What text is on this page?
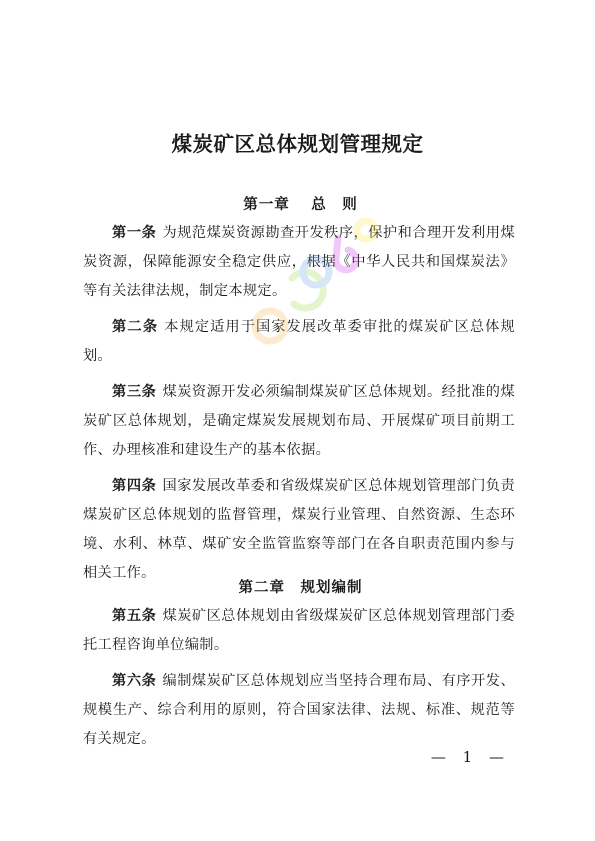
煤炭矿区总体规划管理规定
第一章　 总　则

第一条 为规范煤炭资源勘查开发秩序，保护和合理开发利用煤炭资源，保障能源安全稳定供应，根据《中华人民共和国煤炭法》等有关法律法规，制定本规定。

第二条 本规定适用于国家发展改革委审批的煤炭矿区总体规划。

第三条 煤炭资源开发必须编制煤炭矿区总体规划。经批准的煤炭矿区总体规划，是确定煤炭发展规划布局、开展煤矿项目前期工作、办理核准和建设生产的基本依据。

第四条 国家发展改革委和省级煤炭矿区总体规划管理部门负责煤炭矿区总体规划的监督管理，煤炭行业管理、自然资源、生态环境、水利、林草、煤矿安全监管监察等部门在各自职责范围内参与相关工作。

第二章　规划编制

第五条 煤炭矿区总体规划由省级煤炭矿区总体规划管理部门委托工程咨询单位编制。

第六条 编制煤炭矿区总体规划应当坚持合理布局、有序开发、规模生产、综合利用的原则，符合国家法律、法规、标准、规范等有关规定。

— 1 —
